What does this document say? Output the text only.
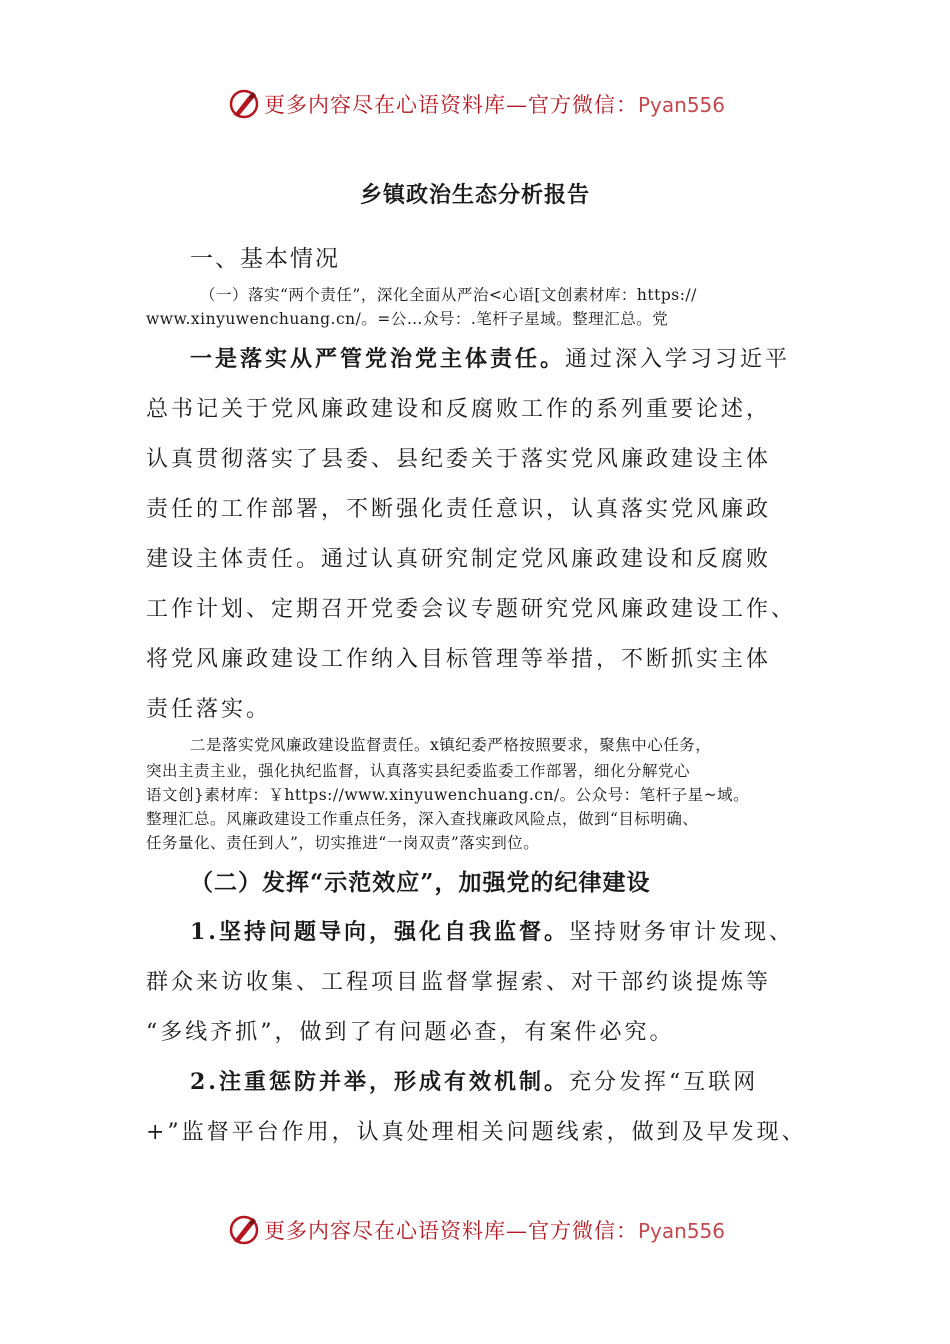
更多内容尽在心语资料库—官方微信：Pyan556
乡镇政治生态分析报告
一、基本情况
（一）落实“两个责任”，深化全面从严治<心语[文创素材库：https://
www.xinyuwenchuang.cn/。=公…众号：.笔杆子星域。整理汇总。党
一是落实从严管党治党主体责任。通过深入学习习近平
总书记关于党风廉政建设和反腐败工作的系列重要论述，
认真贯彻落实了县委、县纪委关于落实党风廉政建设主体
责任的工作部署，不断强化责任意识，认真落实党风廉政
建设主体责任。通过认真研究制定党风廉政建设和反腐败
工作计划、定期召开党委会议专题研究党风廉政建设工作、
将党风廉政建设工作纳入目标管理等举措，不断抓实主体
责任落实。
二是落实党风廉政建设监督责任。x镇纪委严格按照要求，聚焦中心任务，
突出主责主业，强化执纪监督，认真落实县纪委监委工作部署，细化分解党心
语文创}素材库：￥https://www.xinyuwenchuang.cn/。公众号：笔杆子星~域。
整理汇总。风廉政建设工作重点任务，深入查找廉政风险点，做到“目标明确、
任务量化、责任到人”，切实推进“一岗双责”落实到位。
（二）发挥“示范效应”，加强党的纪律建设
1.坚持问题导向，强化自我监督。坚持财务审计发现、
群众来访收集、工程项目监督掌握索、对干部约谈提炼等
“多线齐抓”，做到了有问题必查，有案件必究。
2.注重惩防并举，形成有效机制。充分发挥“互联网
+”监督平台作用，认真处理相关问题线索，做到及早发现、
更多内容尽在心语资料库—官方微信：Pyan556
